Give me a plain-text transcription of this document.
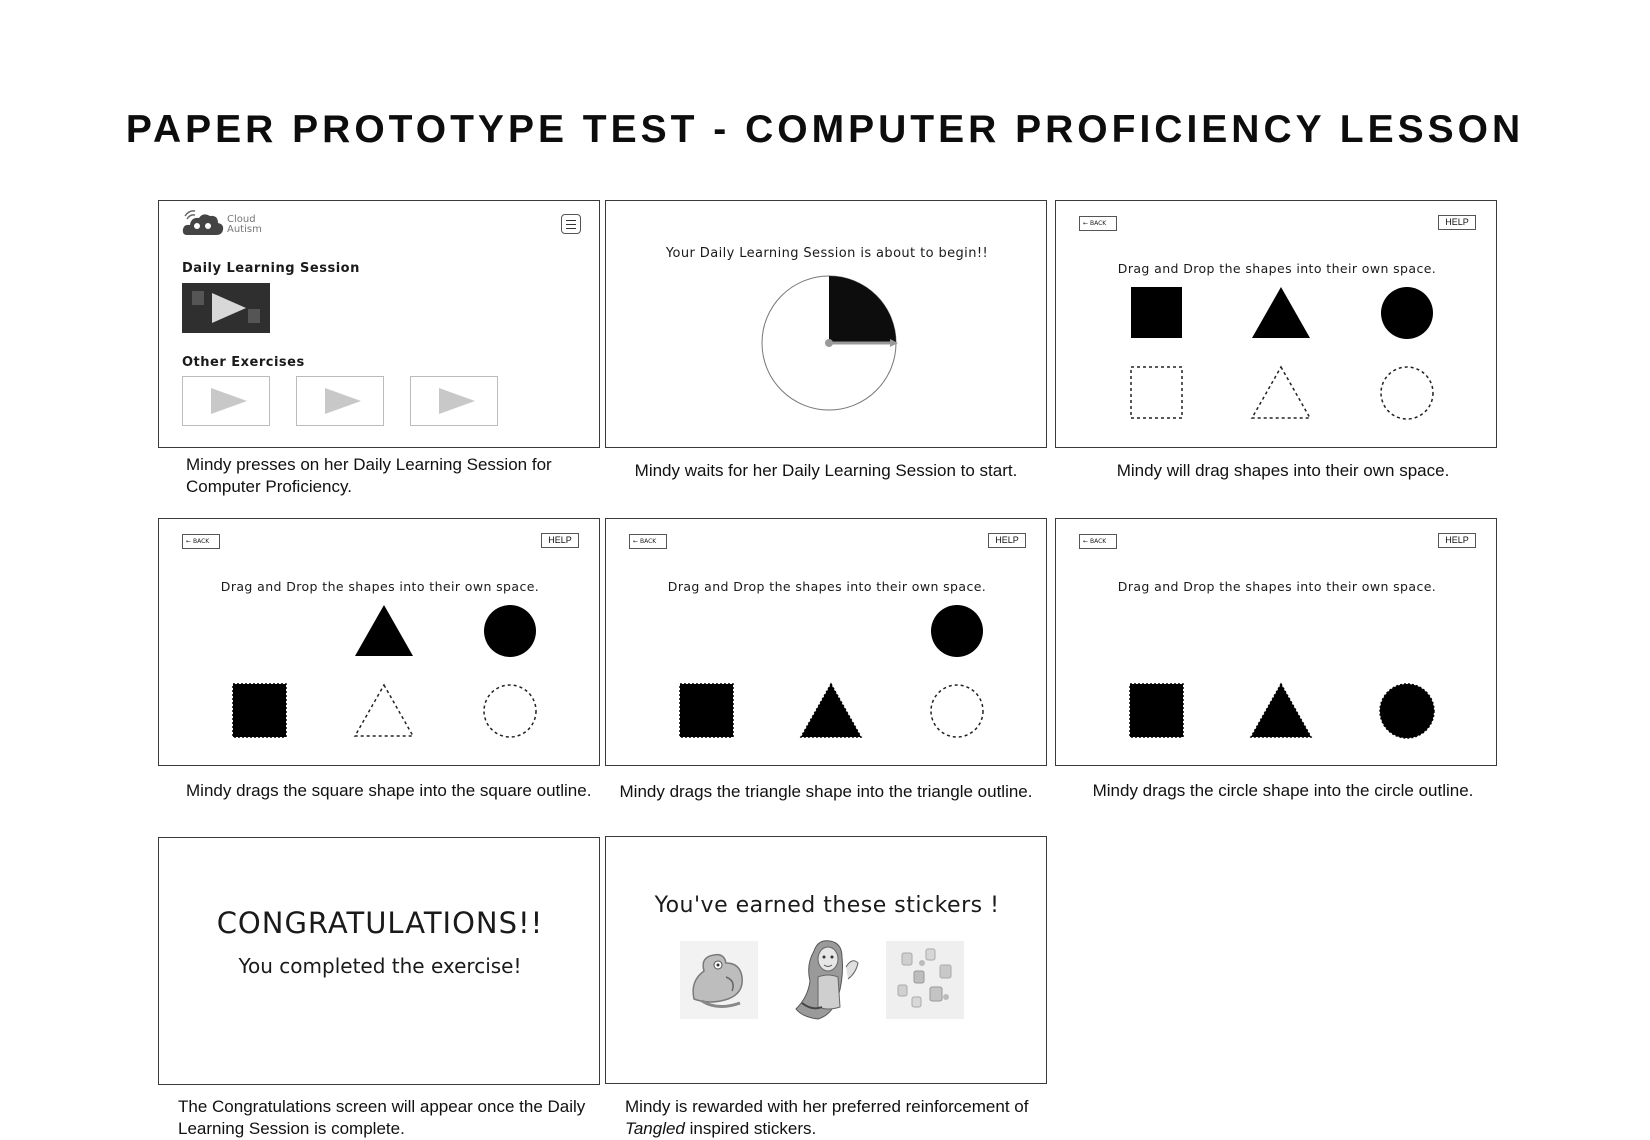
PAPER PROTOTYPE TEST - COMPUTER PROFICIENCY LESSON
Cloud
Autism
Daily Learning Session
Other Exercises

Mindy presses on her Daily Learning Session for Computer Proficiency.

Your Daily Learning Session is about to begin!!

Mindy waits for her Daily Learning Session to start.

← BACK	HELP
Drag and Drop the shapes into their own space.

Mindy will drag shapes into their own space.

← BACK	HELP
Drag and Drop the shapes into their own space.

Mindy drags the square shape into the square outline.

← BACK	HELP
Drag and Drop the shapes into their own space.

Mindy drags the triangle shape into the triangle outline.

← BACK	HELP
Drag and Drop the shapes into their own space.

Mindy drags the circle shape into the circle outline.

CONGRATULATIONS!!
You completed the exercise!

The Congratulations screen will appear once the Daily Learning Session is complete.

You've earned these stickers !

Mindy is rewarded with her preferred reinforcement of
Tangled inspired stickers.
